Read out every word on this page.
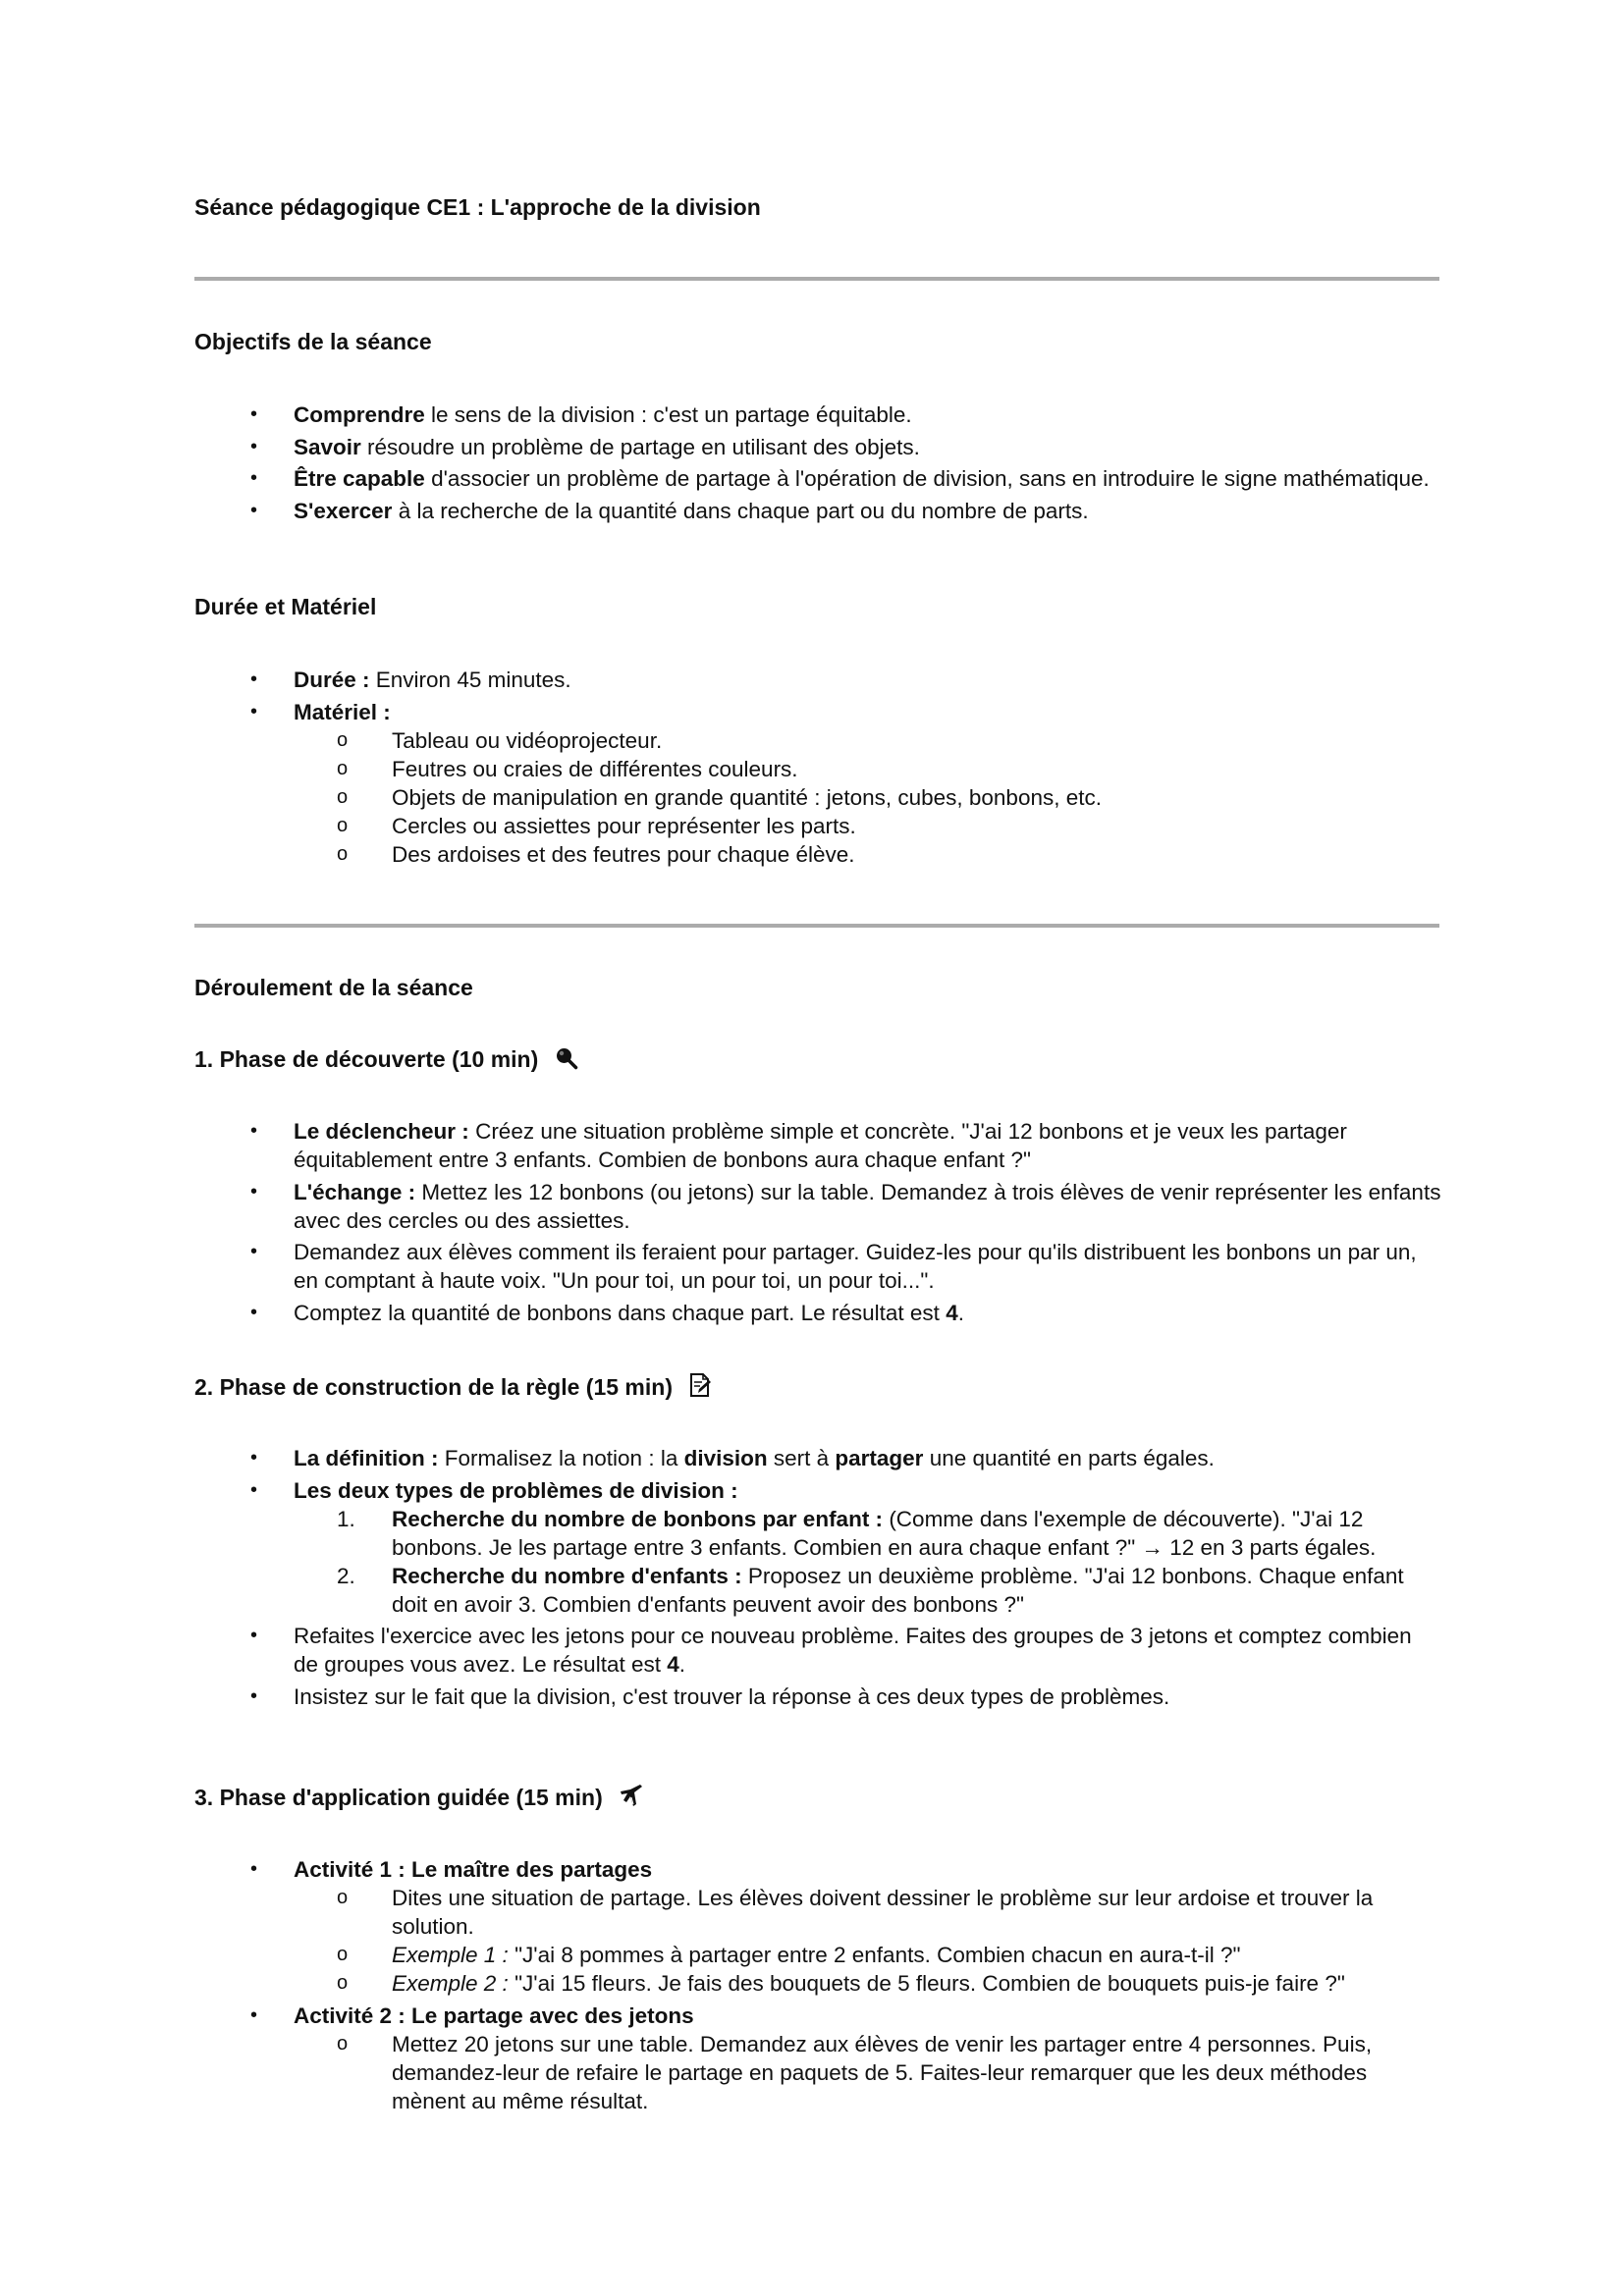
Séance pédagogique CE1 : L'approche de la division
Objectifs de la séance
• Comprendre le sens de la division : c'est un partage équitable.
• Savoir résoudre un problème de partage en utilisant des objets.
• Être capable d'associer un problème de partage à l'opération de division, sans en introduire le signe mathématique.
• S'exercer à la recherche de la quantité dans chaque part ou du nombre de parts.
Durée et Matériel
• Durée : Environ 45 minutes.
• Matériel :
o Tableau ou vidéoprojecteur.
o Feutres ou craies de différentes couleurs.
o Objets de manipulation en grande quantité : jetons, cubes, bonbons, etc.
o Cercles ou assiettes pour représenter les parts.
o Des ardoises et des feutres pour chaque élève.
Déroulement de la séance
1. Phase de découverte (10 min)
• Le déclencheur : Créez une situation problème simple et concrète. "J'ai 12 bonbons et je veux les partager équitablement entre 3 enfants. Combien de bonbons aura chaque enfant ?"
• L'échange : Mettez les 12 bonbons (ou jetons) sur la table. Demandez à trois élèves de venir représenter les enfants avec des cercles ou des assiettes.
• Demandez aux élèves comment ils feraient pour partager. Guidez-les pour qu'ils distribuent les bonbons un par un, en comptant à haute voix. "Un pour toi, un pour toi, un pour toi...".
• Comptez la quantité de bonbons dans chaque part. Le résultat est 4.
2. Phase de construction de la règle (15 min)
• La définition : Formalisez la notion : la division sert à partager une quantité en parts égales.
• Les deux types de problèmes de division :
1. Recherche du nombre de bonbons par enfant : (Comme dans l'exemple de découverte). "J'ai 12 bonbons. Je les partage entre 3 enfants. Combien en aura chaque enfant ?" → 12 en 3 parts égales.
2. Recherche du nombre d'enfants : Proposez un deuxième problème. "J'ai 12 bonbons. Chaque enfant doit en avoir 3. Combien d'enfants peuvent avoir des bonbons ?"
• Refaites l'exercice avec les jetons pour ce nouveau problème. Faites des groupes de 3 jetons et comptez combien de groupes vous avez. Le résultat est 4.
• Insistez sur le fait que la division, c'est trouver la réponse à ces deux types de problèmes.
3. Phase d'application guidée (15 min)
• Activité 1 : Le maître des partages
o Dites une situation de partage. Les élèves doivent dessiner le problème sur leur ardoise et trouver la solution.
o Exemple 1 : "J'ai 8 pommes à partager entre 2 enfants. Combien chacun en aura-t-il ?"
o Exemple 2 : "J'ai 15 fleurs. Je fais des bouquets de 5 fleurs. Combien de bouquets puis-je faire ?"
• Activité 2 : Le partage avec des jetons
o Mettez 20 jetons sur une table. Demandez aux élèves de venir les partager entre 4 personnes. Puis, demandez-leur de refaire le partage en paquets de 5. Faites-leur remarquer que les deux méthodes mènent au même résultat.
